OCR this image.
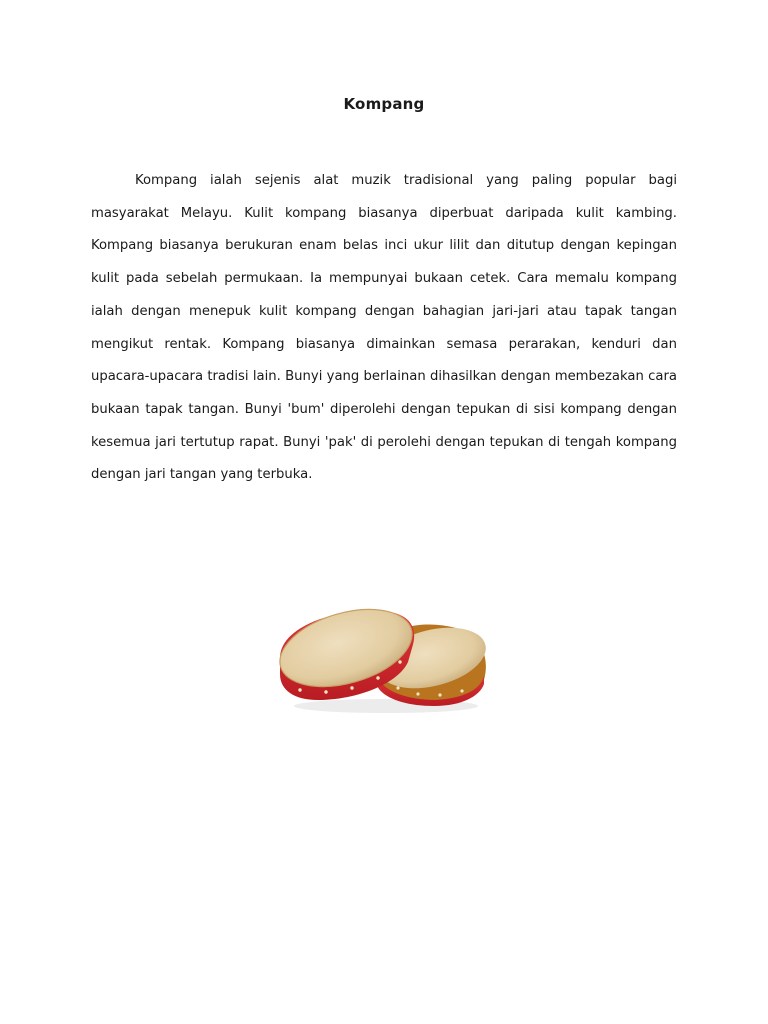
Kompang

Kompang ialah sejenis alat muzik tradisional yang paling popular bagi masyarakat Melayu. Kulit kompang biasanya diperbuat daripada kulit kambing. Kompang biasanya berukuran enam belas inci ukur lilit dan ditutup dengan kepingan kulit pada sebelah permukaan. Ia mempunyai bukaan cetek. Cara memalu kompang ialah dengan menepuk kulit kompang dengan bahagian jari-jari atau tapak tangan mengikut rentak. Kompang biasanya dimainkan semasa perarakan, kenduri dan upacara-upacara tradisi lain. Bunyi yang berlainan dihasilkan dengan membezakan cara bukaan tapak tangan. Bunyi 'bum' diperolehi dengan tepukan di sisi kompang dengan kesemua jari tertutup rapat. Bunyi 'pak' di perolehi dengan tepukan di tengah kompang dengan jari tangan yang terbuka.
